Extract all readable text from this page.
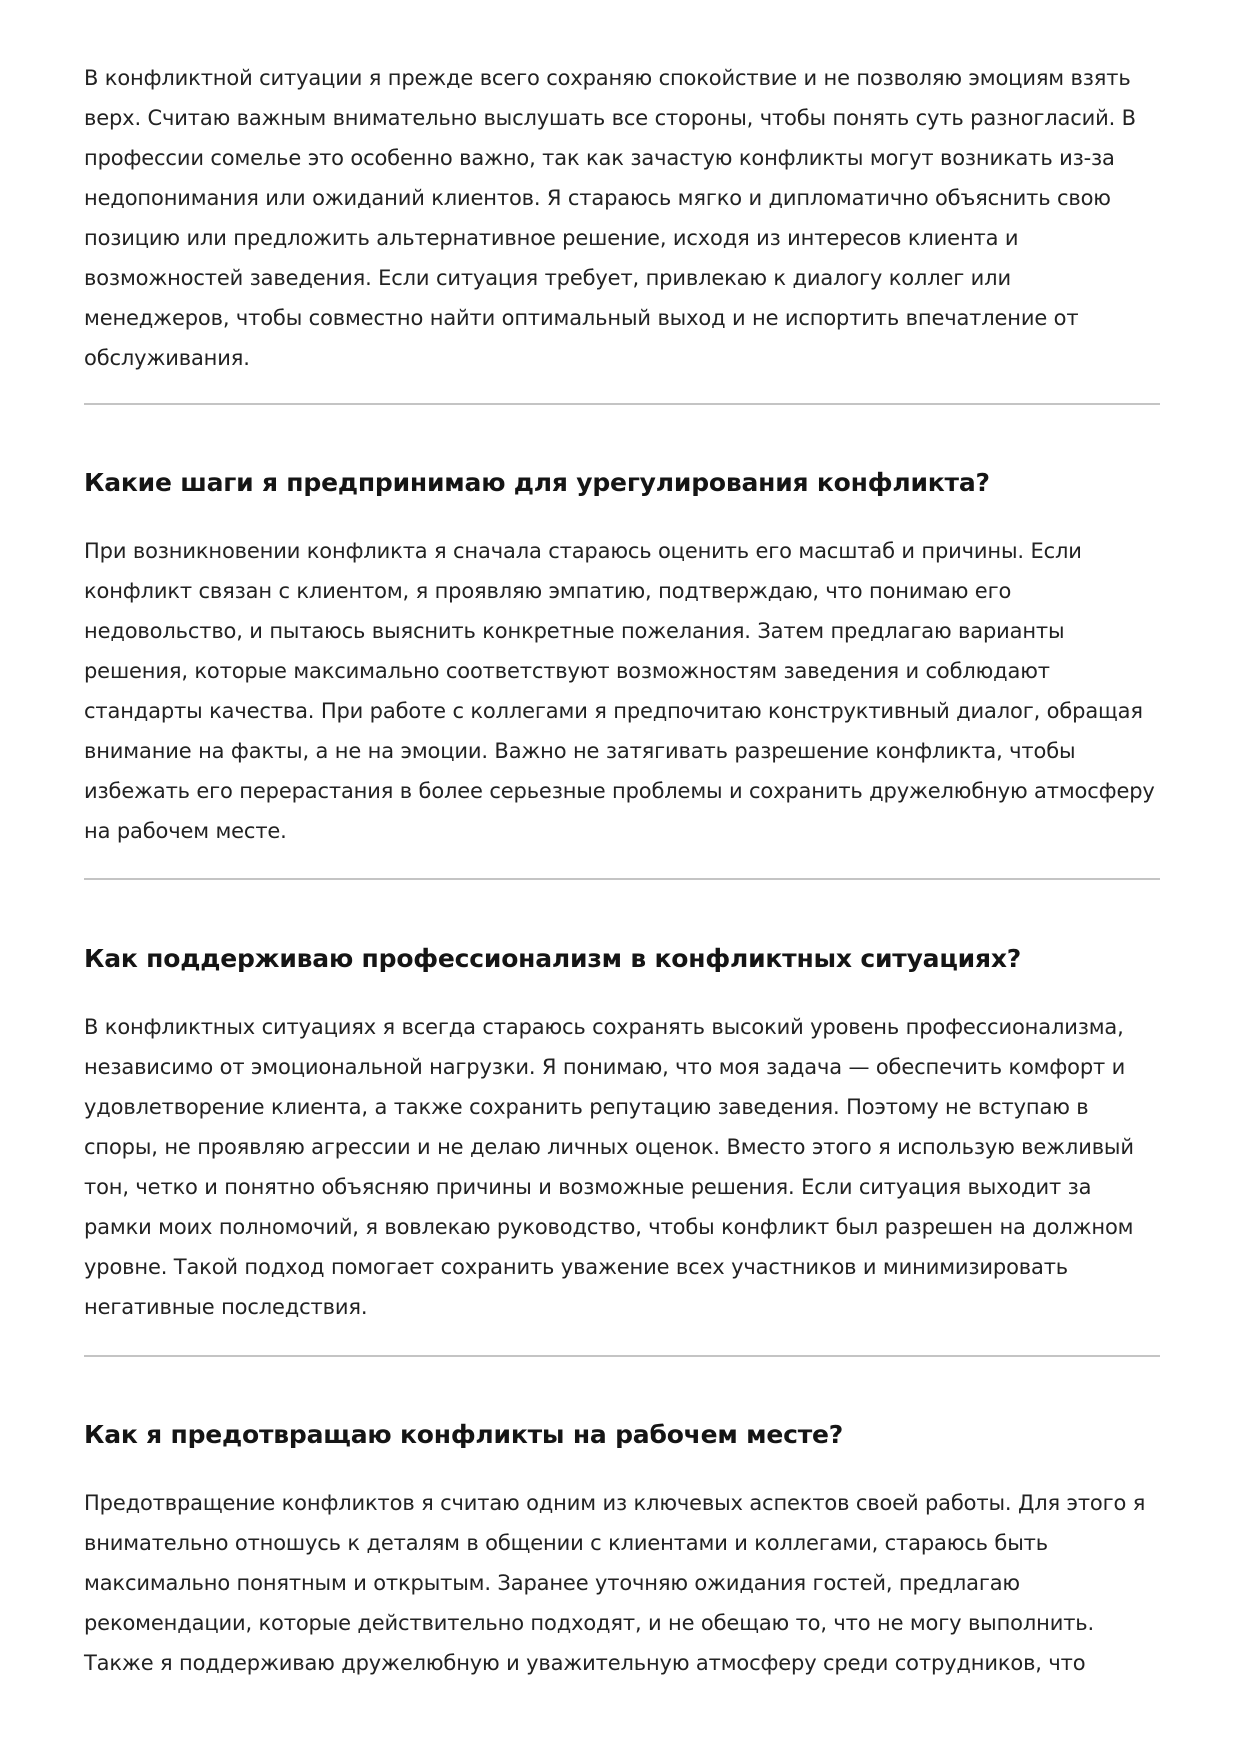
В конфликтной ситуации я прежде всего сохраняю спокойствие и не позволяю эмоциям взять верх. Считаю важным внимательно выслушать все стороны, чтобы понять суть разногласий. В профессии сомелье это особенно важно, так как зачастую конфликты могут возникать из-за недопонимания или ожиданий клиентов. Я стараюсь мягко и дипломатично объяснить свою позицию или предложить альтернативное решение, исходя из интересов клиента и возможностей заведения. Если ситуация требует, привлекаю к диалогу коллег или менеджеров, чтобы совместно найти оптимальный выход и не испортить впечатление от обслуживания.

Какие шаги я предпринимаю для урегулирования конфликта?

При возникновении конфликта я сначала стараюсь оценить его масштаб и причины. Если конфликт связан с клиентом, я проявляю эмпатию, подтверждаю, что понимаю его недовольство, и пытаюсь выяснить конкретные пожелания. Затем предлагаю варианты решения, которые максимально соответствуют возможностям заведения и соблюдают стандарты качества. При работе с коллегами я предпочитаю конструктивный диалог, обращая внимание на факты, а не на эмоции. Важно не затягивать разрешение конфликта, чтобы избежать его перерастания в более серьезные проблемы и сохранить дружелюбную атмосферу на рабочем месте.

Как поддерживаю профессионализм в конфликтных ситуациях?

В конфликтных ситуациях я всегда стараюсь сохранять высокий уровень профессионализма, независимо от эмоциональной нагрузки. Я понимаю, что моя задача — обеспечить комфорт и удовлетворение клиента, а также сохранить репутацию заведения. Поэтому не вступаю в споры, не проявляю агрессии и не делаю личных оценок. Вместо этого я использую вежливый тон, четко и понятно объясняю причины и возможные решения. Если ситуация выходит за рамки моих полномочий, я вовлекаю руководство, чтобы конфликт был разрешен на должном уровне. Такой подход помогает сохранить уважение всех участников и минимизировать негативные последствия.

Как я предотвращаю конфликты на рабочем месте?

Предотвращение конфликтов я считаю одним из ключевых аспектов своей работы. Для этого я внимательно отношусь к деталям в общении с клиентами и коллегами, стараюсь быть максимально понятным и открытым. Заранее уточняю ожидания гостей, предлагаю рекомендации, которые действительно подходят, и не обещаю то, что не могу выполнить. Также я поддерживаю дружелюбную и уважительную атмосферу среди сотрудников, что
